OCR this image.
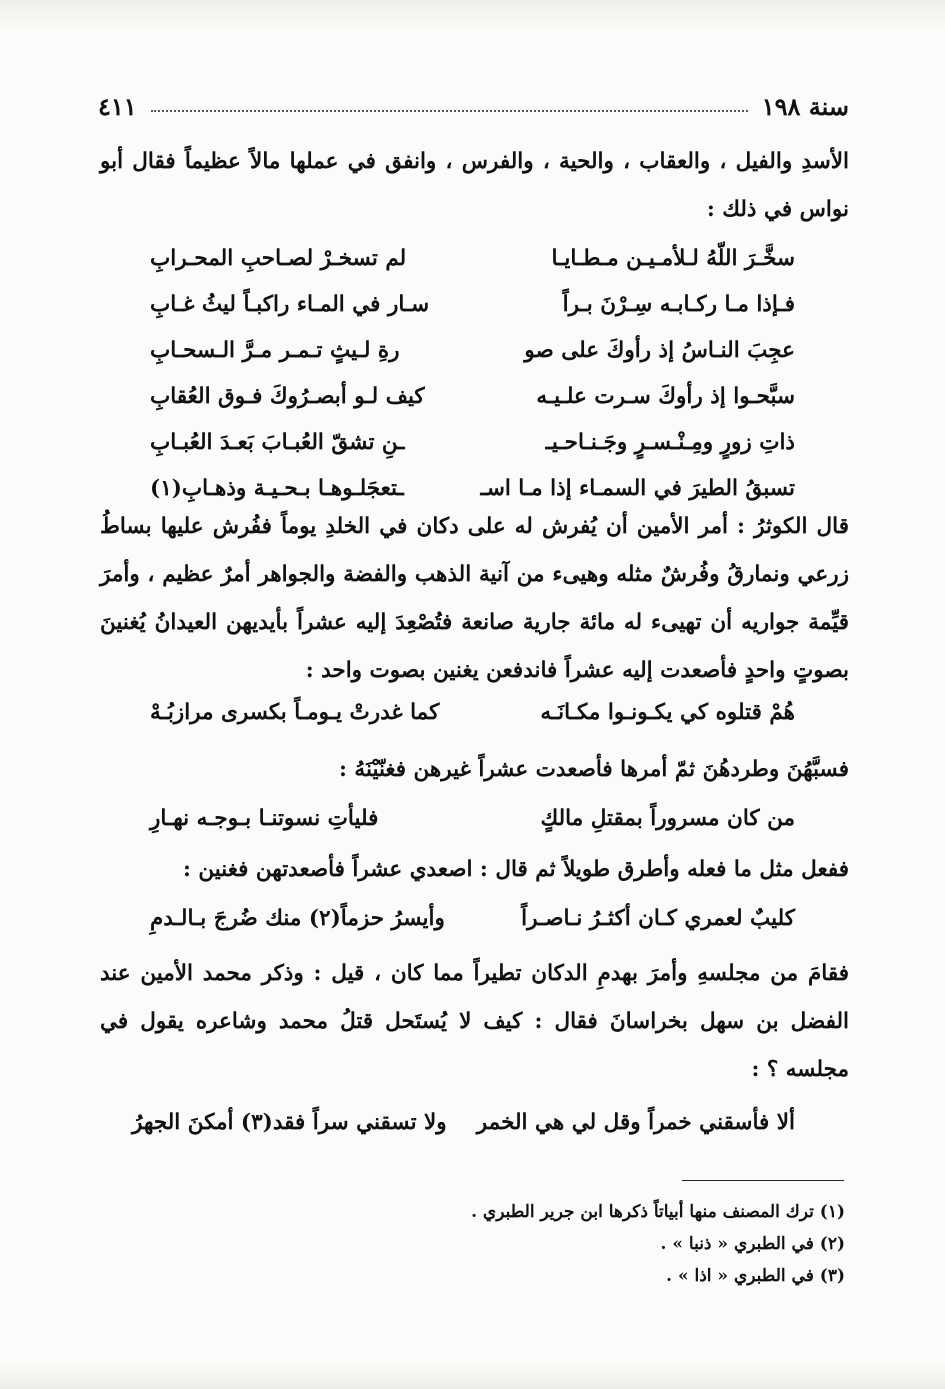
سنة ١٩٨
٤١١
الأسدِ والفيل ، والعقاب ، والحية ، والفرس ، وانفق في عملها مالاً عظيماً فقال أبو نواس في ذلك :
سخَّـرَ اللّهُ لـلأمـيـن مـطـايـا
لم تسخـرْ لصـاحبِ المحـرابِ
فـإذا مـا ركـابـه سِـرْنَ بـراً
سـار في المـاء راكبـاً ليثُ غـابِ
عجِبَ النـاسُ إذ رأوكَ على صو
رةِ لـيثٍ تـمـر مـرَّ الـسحـابِ
سبَّحـوا إذ رأوكَ سـرت علـيـه
كيف لـو أبصـرُوكَ فـوق العُقابِ
ذاتِ زورٍ ومِـنْـسـرٍ وجَـنـاحـيـ
ـنِ تشقّ العُبـابَ بَعـدَ العُبـابِ
تسبقُ الطيرَ في السمـاء إذا مـا اسـ
ـتعجَلـوهـا بـحـيـة وذهـابِ(١)
قال الكوثرُ : أمر الأمين أن يُفرش له على دكان في الخلدِ يوماً ففُرش عليها بساطُ زرعي ونمارقُ وفُرشٌ مثله وهيىء من آنية الذهب والفضة والجواهر أمرٌ عظيم ، وأمرَ قيِّمة جواريه أن تهيىء له مائة جارية صانعة فتُصْعِدَ إليه عشراً بأيديهن العيدانُ يُغنينَ بصوتٍ واحدٍ فأصعدت إليه عشراً فاندفعن يغنين بصوت واحد :
هُمْ قتلوه كي يكـونـوا مكـانَـه
كما غدرتْ يـومـاً بكسرى مرازبُـهْ
فسبَّهُنَ وطردهُنَ ثمّ أمرها فأصعدت عشراً غيرهن فغنّيْنَهُ :
من كان مسروراً بمقتلِ مالكٍ
فليأتِ نسوتنـا بـوجـه نهـارِ
ففعل مثل ما فعله وأطرق طويلاً ثم قال : اصعدي عشراً فأصعدتهن فغنين :
كليبٌ لعمري كـان أكثـرُ نـاصـراً
وأيسرُ حزماً(٢) منك ضُرجَ بـالـدمِ
فقامَ من مجلسهِ وأمرَ بهدمِ الدكان تطيراً مما كان ، قيل : وذكر محمد الأمين عند الفضل بن سهل بخراسانَ فقال : كيف لا يُستَحل قتلُ محمد وشاعره يقول في مجلسه ؟ :
ألا فأسقني خمراً وقل لي هي الخمر
ولا تسقني سراً فقد(٣) أمكنَ الجهرُ
(١) ترك المصنف منها أبياتاً ذكرها ابن جرير الطبري .
(٢) في الطبري « ذنبا » .
(٣) في الطبري « اذا » .
